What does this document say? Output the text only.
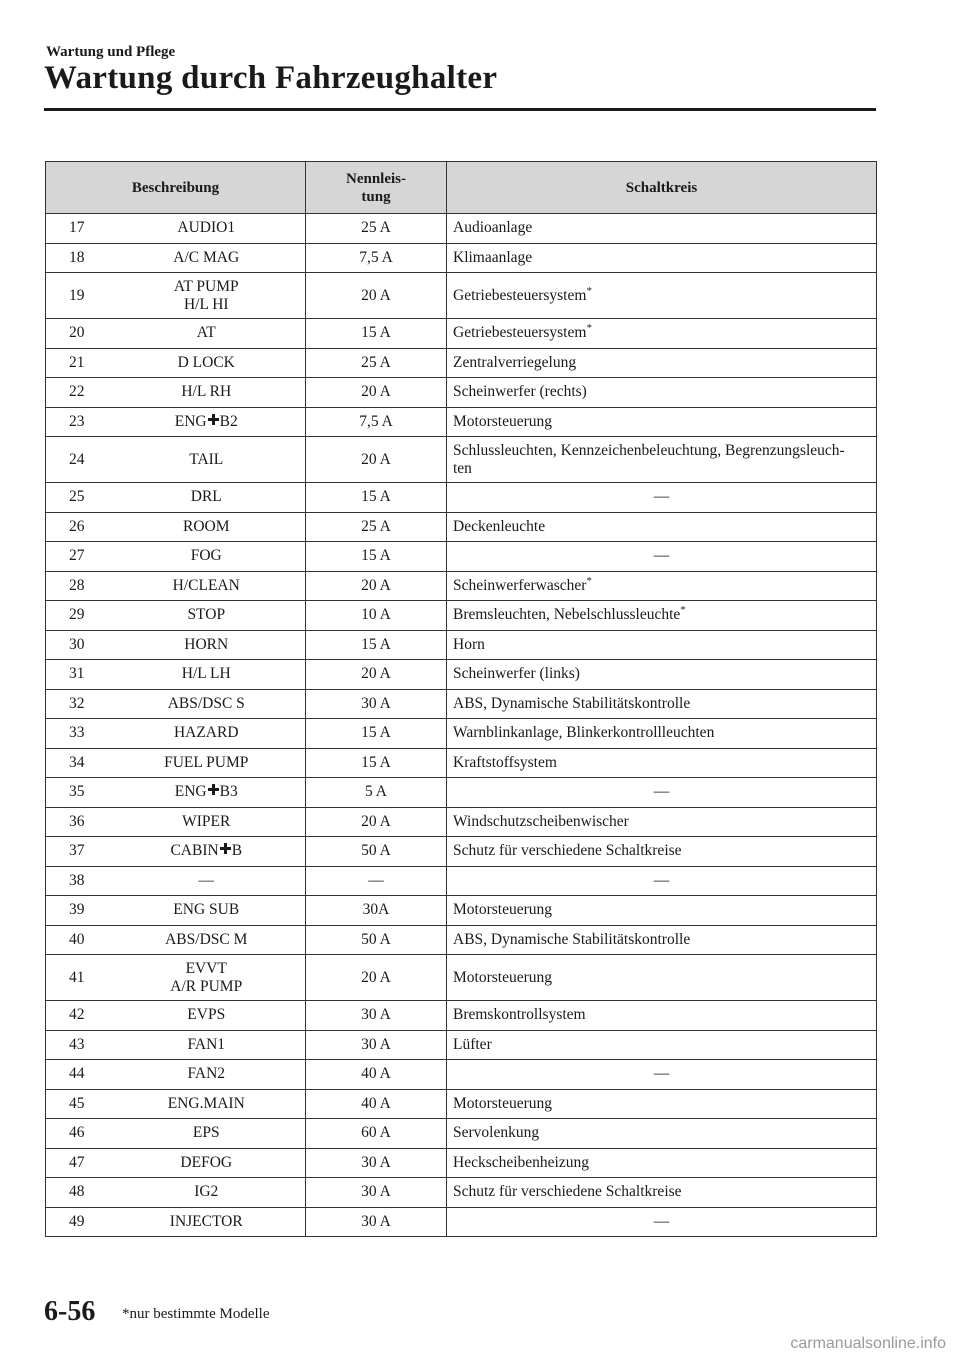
Wartung und Pflege
Wartung durch Fahrzeughalter
Beschreibung		Nennleis-
tung	Schaltkreis
17	AUDIO1	25 A	Audioanlage
18	A/C MAG	7,5 A	Klimaanlage
19	AT PUMP
H/L HI	20 A	Getriebesteuersystem*
20	AT	15 A	Getriebesteuersystem*
21	D LOCK	25 A	Zentralverriegelung
22	H/L RH	20 A	Scheinwerfer (rechts)
23	ENG B2	7,5 A	Motorsteuerung
24	TAIL	20 A	Schlussleuchten, Kennzeichenbeleuchtung, Begrenzungsleuch-
ten
25	DRL	15 A	―
26	ROOM	25 A	Deckenleuchte
27	FOG	15 A	―
28	H/CLEAN	20 A	Scheinwerferwascher*
29	STOP	10 A	Bremsleuchten, Nebelschlussleuchte*
30	HORN	15 A	Horn
31	H/L LH	20 A	Scheinwerfer (links)
32	ABS/DSC S	30 A	ABS, Dynamische Stabilitätskontrolle
33	HAZARD	15 A	Warnblinkanlage, Blinkerkontrollleuchten
34	FUEL PUMP	15 A	Kraftstoffsystem
35	ENG B3	5 A	―
36	WIPER	20 A	Windschutzscheibenwischer
37	CABIN B	50 A	Schutz für verschiedene Schaltkreise
38	―	―	―
39	ENG SUB	30A	Motorsteuerung
40	ABS/DSC M	50 A	ABS, Dynamische Stabilitätskontrolle
41	EVVT
A/R PUMP	20 A	Motorsteuerung
42	EVPS	30 A	Bremskontrollsystem
43	FAN1	30 A	Lüfter
44	FAN2	40 A	―
45	ENG.MAIN	40 A	Motorsteuerung
46	EPS	60 A	Servolenkung
47	DEFOG	30 A	Heckscheibenheizung
48	IG2	30 A	Schutz für verschiedene Schaltkreise
49	INJECTOR	30 A	―
6-56 *nur bestimmte Modelle
carmanualsonline.info
